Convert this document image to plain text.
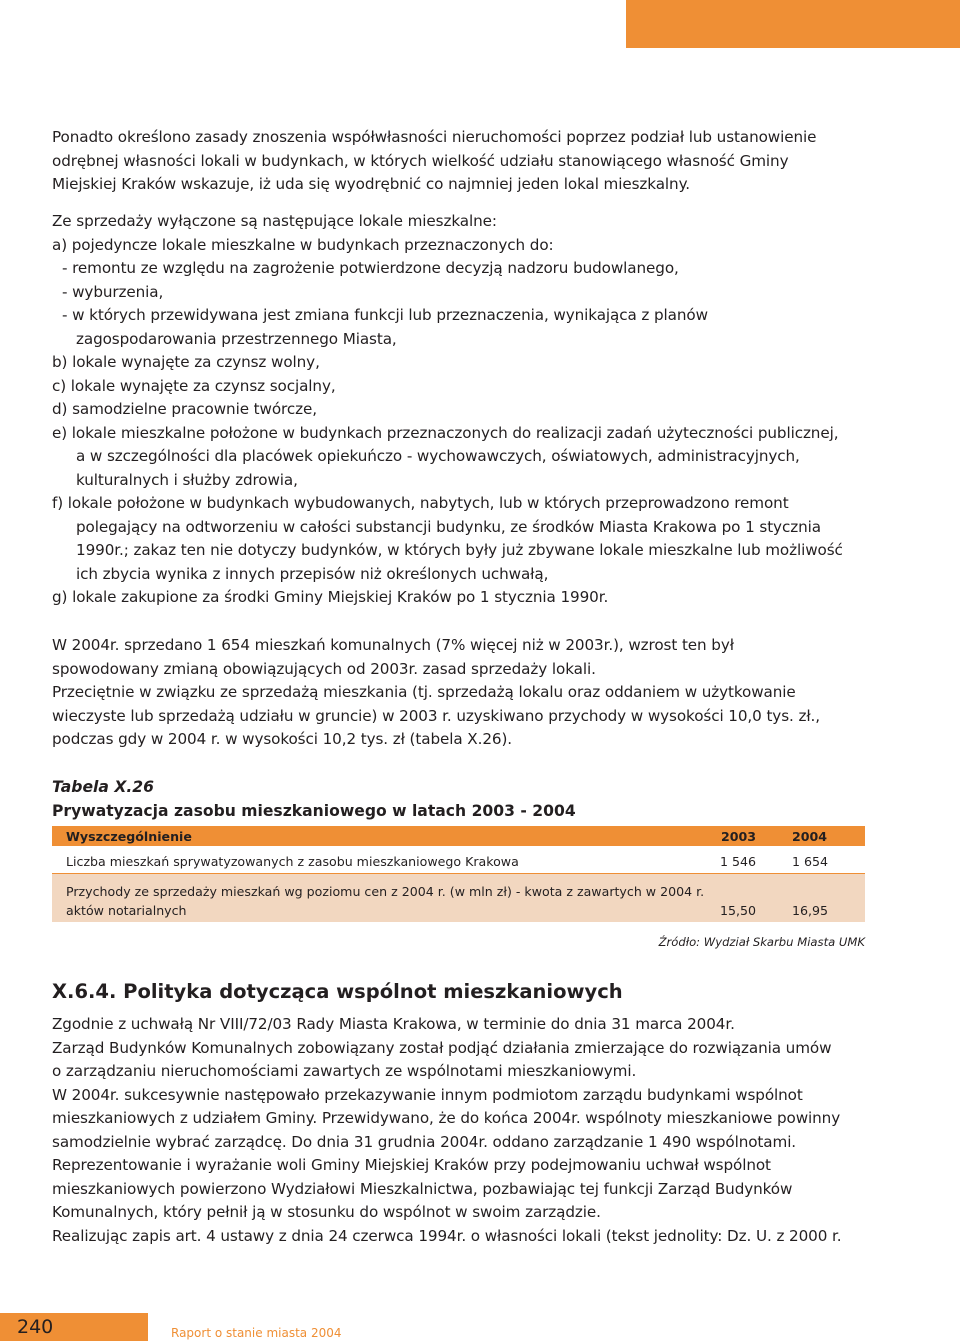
Ponadto określono zasady znoszenia współwłasności nieruchomości poprzez podział lub ustanowienie

odrębnej własności lokali w budynkach, w których wielkość udziału stanowiącego własność Gminy

Miejskiej Kraków wskazuje, iż uda się wyodrębnić co najmniej jeden lokal mieszkalny.

Ze sprzedaży wyłączone są następujące lokale mieszkalne:

a) pojedyncze lokale mieszkalne w budynkach przeznaczonych do:

- remontu ze względu na zagrożenie potwierdzone decyzją nadzoru budowlanego,

- wyburzenia,

- w których przewidywana jest zmiana funkcji lub przeznaczenia, wynikająca z planów

zagospodarowania przestrzennego Miasta,

b) lokale wynajęte za czynsz wolny,

c) lokale wynajęte za czynsz socjalny,

d) samodzielne pracownie twórcze,

e) lokale mieszkalne położone w budynkach przeznaczonych do realizacji zadań użyteczności publicznej,

a w szczególności dla placówek opiekuńczo - wychowawczych, oświatowych, administracyjnych,

kulturalnych i służby zdrowia,

f) lokale położone w budynkach wybudowanych, nabytych, lub w których przeprowadzono remont

polegający na odtworzeniu w całości substancji budynku, ze środków Miasta Krakowa po 1 stycznia

1990r.; zakaz ten nie dotyczy budynków, w których były już zbywane lokale mieszkalne lub możliwość

ich zbycia wynika z innych przepisów niż określonych uchwałą,

g) lokale zakupione za środki Gminy Miejskiej Kraków po 1 stycznia 1990r.

W 2004r. sprzedano 1 654 mieszkań komunalnych (7% więcej niż w 2003r.), wzrost ten był

spowodowany zmianą obowiązujących od 2003r. zasad sprzedaży lokali.

Przeciętnie w związku ze sprzedażą mieszkania (tj. sprzedażą lokalu oraz oddaniem w użytkowanie

wieczyste lub sprzedażą udziału w gruncie) w 2003 r. uzyskiwano przychody w wysokości 10,0 tys. zł.,

podczas gdy w 2004 r. w wysokości 10,2 tys. zł (tabela X.26).

Tabela X.26
Prywatyzacja zasobu mieszkaniowego w latach 2003 - 2004
Wyszczególnienie	2003	2004

Liczba mieszkań sprywatyzowanych z zasobu mieszkaniowego Krakowa	1 546	1 654
Przychody ze sprzedaży mieszkań wg poziomu cen z 2004 r. (w mln zł) - kwota z zawartych w 2004 r.		
aktów notarialnych	15,50	16,95
Źródło: Wydział Skarbu Miasta UMK
X.6.4. Polityka dotycząca wspólnot mieszkaniowych

Zgodnie z uchwałą Nr VIII/72/03 Rady Miasta Krakowa, w terminie do dnia 31 marca 2004r.

Zarząd Budynków Komunalnych zobowiązany został podjąć działania zmierzające do rozwiązania umów

o zarządzaniu nieruchomościami zawartych ze wspólnotami mieszkaniowymi.

W 2004r. sukcesywnie następowało przekazywanie innym podmiotom zarządu budynkami wspólnot

mieszkaniowych z udziałem Gminy. Przewidywano, że do końca 2004r. wspólnoty mieszkaniowe powinny

samodzielnie wybrać zarządcę. Do dnia 31 grudnia 2004r. oddano zarządzanie 1 490 wspólnotami.

Reprezentowanie i wyrażanie woli Gminy Miejskiej Kraków przy podejmowaniu uchwał wspólnot

mieszkaniowych powierzono Wydziałowi Mieszkalnictwa, pozbawiając tej funkcji Zarząd Budynków

Komunalnych, który pełnił ją w stosunku do wspólnot w swoim zarządzie.

Realizując zapis art. 4 ustawy z dnia 24 czerwca 1994r. o własności lokali (tekst jednolity: Dz. U. z 2000 r.

240	Raport o stanie miasta 2004
